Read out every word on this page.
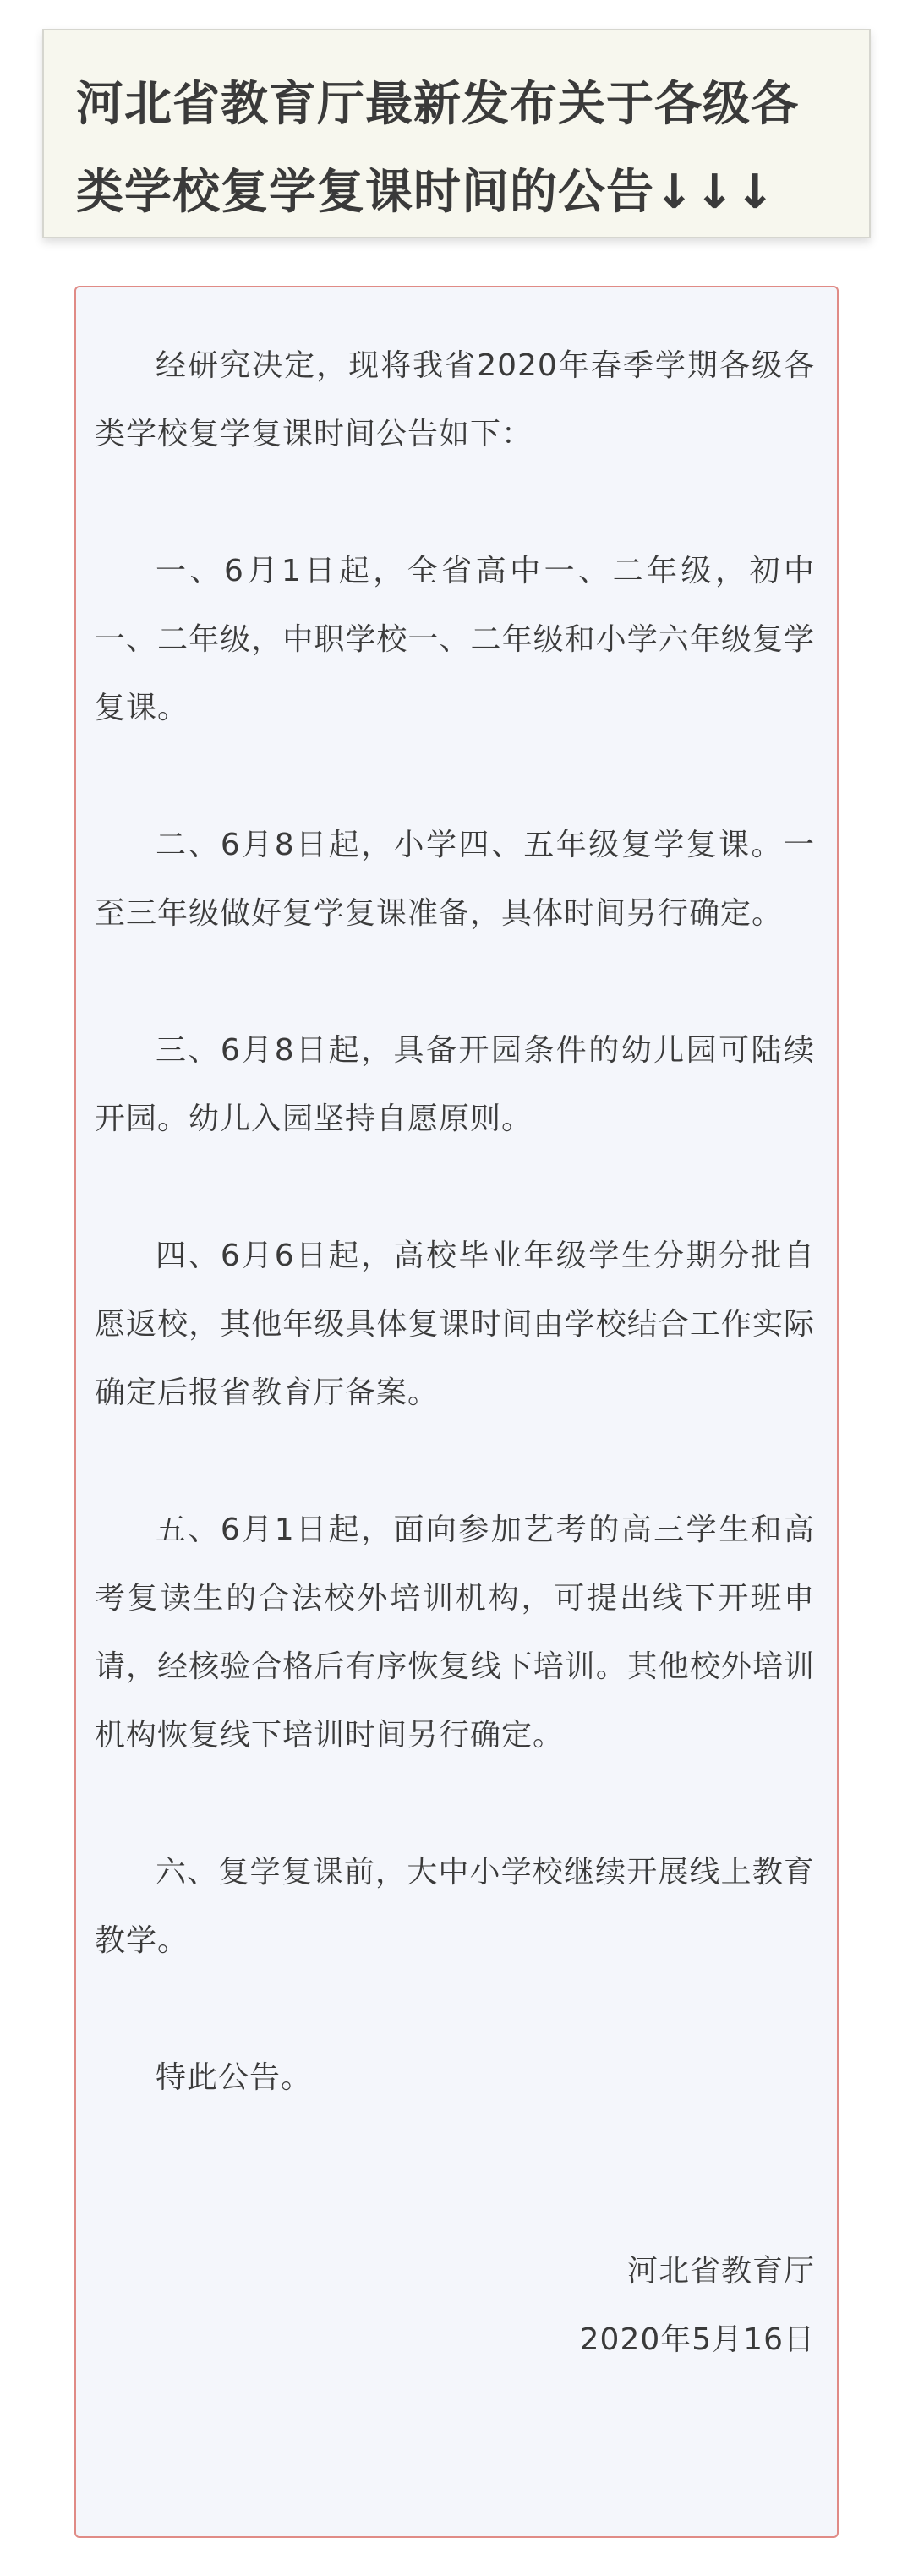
河北省教育厅最新发布关于各级各类学校复学复课时间的公告↓↓↓

经研究决定，现将我省2020年春季学期各级各类学校复学复课时间公告如下：

一、6月1日起，全省高中一、二年级，初中一、二年级，中职学校一、二年级和小学六年级复学复课。

二、6月8日起，小学四、五年级复学复课。一至三年级做好复学复课准备，具体时间另行确定。

三、6月8日起，具备开园条件的幼儿园可陆续开园。幼儿入园坚持自愿原则。

四、6月6日起，高校毕业年级学生分期分批自愿返校，其他年级具体复课时间由学校结合工作实际确定后报省教育厅备案。

五、6月1日起，面向参加艺考的高三学生和高考复读生的合法校外培训机构，可提出线下开班申请，经核验合格后有序恢复线下培训。其他校外培训机构恢复线下培训时间另行确定。

六、复学复课前，大中小学校继续开展线上教育教学。

特此公告。

河北省教育厅

2020年5月16日
